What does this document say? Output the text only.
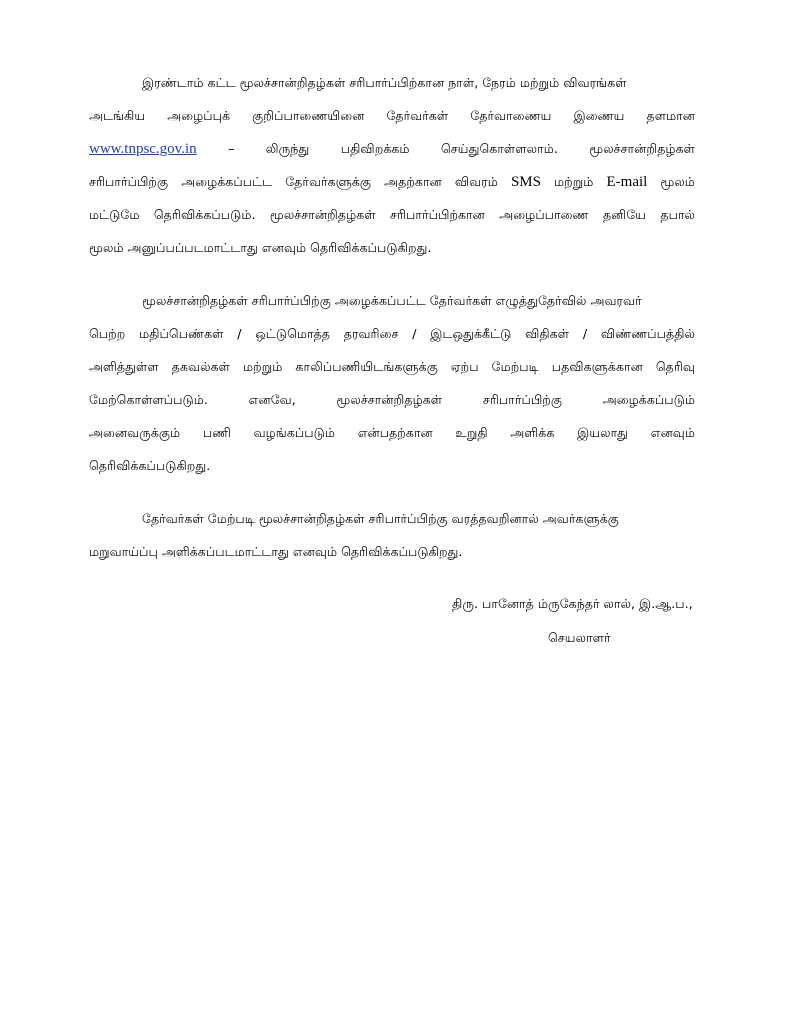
இரண்டாம் கட்ட மூலச்சான்றிதழ்கள் சரிபார்ப்பிற்கான நாள், நேரம் மற்றும் விவரங்கள்
அடங்கிய அழைப்புக் குறிப்பாணையினை தேர்வர்கள் தேர்வாணைய இணைய தளமான
www.tnpsc.gov.in – லிருந்து பதிவிறக்கம் செய்துகொள்ளலாம். மூலச்சான்றிதழ்கள்
சரிபார்ப்பிற்கு அழைக்கப்பட்ட தேர்வர்களுக்கு அதற்கான விவரம் SMS மற்றும் E-mail மூலம்
மட்டுமே தெரிவிக்கப்படும். மூலச்சான்றிதழ்கள் சரிபார்ப்பிற்கான அழைப்பாணை தனியே தபால்
மூலம் அனுப்பப்படமாட்டாது எனவும் தெரிவிக்கப்படுகிறது.
மூலச்சான்றிதழ்கள் சரிபார்ப்பிற்கு அழைக்கப்பட்ட தேர்வர்கள் எழுத்துதேர்வில் அவரவர்
பெற்ற மதிப்பெண்கள் / ஒட்டுமொத்த தரவரிசை / இடஒதுக்கீட்டு விதிகள் / விண்ணப்பத்தில்
அளித்துள்ள தகவல்கள் மற்றும் காலிப்பணியிடங்களுக்கு ஏற்ப மேற்படி பதவிகளுக்கான தெரிவு
மேற்கொள்ளப்படும். எனவே, மூலச்சான்றிதழ்கள் சரிபார்ப்பிற்கு அழைக்கப்படும்
அனைவருக்கும் பணி வழங்கப்படும் என்பதற்கான உறுதி அளிக்க இயலாது எனவும்
தெரிவிக்கப்படுகிறது.
தேர்வர்கள் மேற்படி மூலச்சான்றிதழ்கள் சரிபார்ப்பிற்கு வரத்தவறினால் அவர்களுக்கு
மறுவாய்ப்பு அளிக்கப்படமாட்டாது எனவும் தெரிவிக்கப்படுகிறது.
திரு. பானோத் ம்ருகேந்தர் லால், இ.ஆ.ப.,
செயலாளர்
